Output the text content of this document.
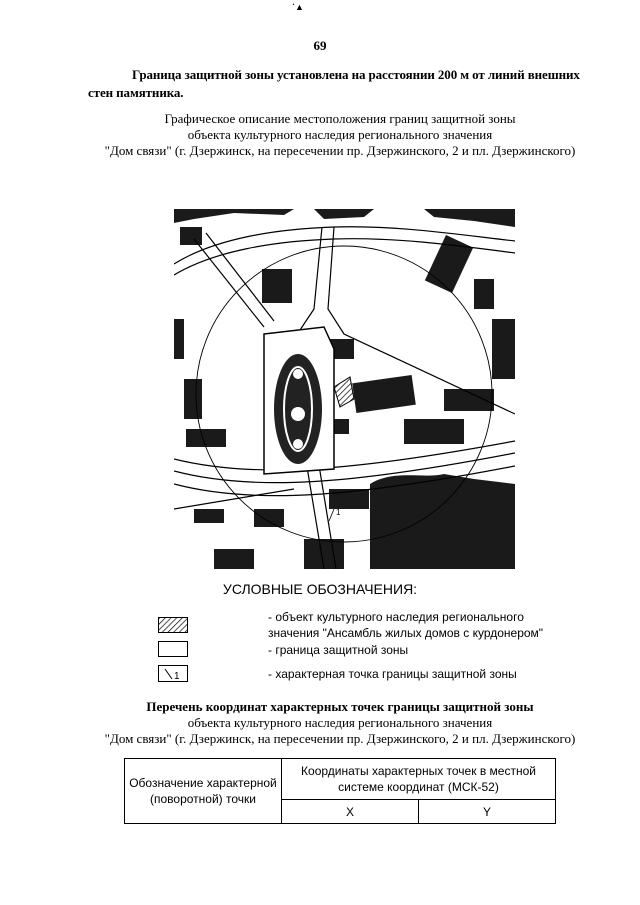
˙▲
69
Граница защитной зоны установлена на расстоянии 200 м от линий внешних стен памятника.
Графическое описание местоположения границ защитной зоны
объекта культурного наследия регионального значения
"Дом связи" (г. Дзержинск, на пересечении пр. Дзержинского, 2 и пл. Дзержинского)
1
УСЛОВНЫЕ ОБОЗНАЧЕНИЯ:
- объект культурного наследия регионального
значения "Ансамбль жилых домов с курдонером"
- граница защитной зоны
1	- характерная точка границы защитной зоны
Перечень координат характерных точек границы защитной зоны
объекта культурного наследия регионального значения
"Дом связи" (г. Дзержинск, на пересечении пр. Дзержинского, 2 и пл. Дзержинского)
Обозначение характерной (поворотной) точки	Координаты характерных точек в местной системе координат (МСК-52)	
	X	Y
